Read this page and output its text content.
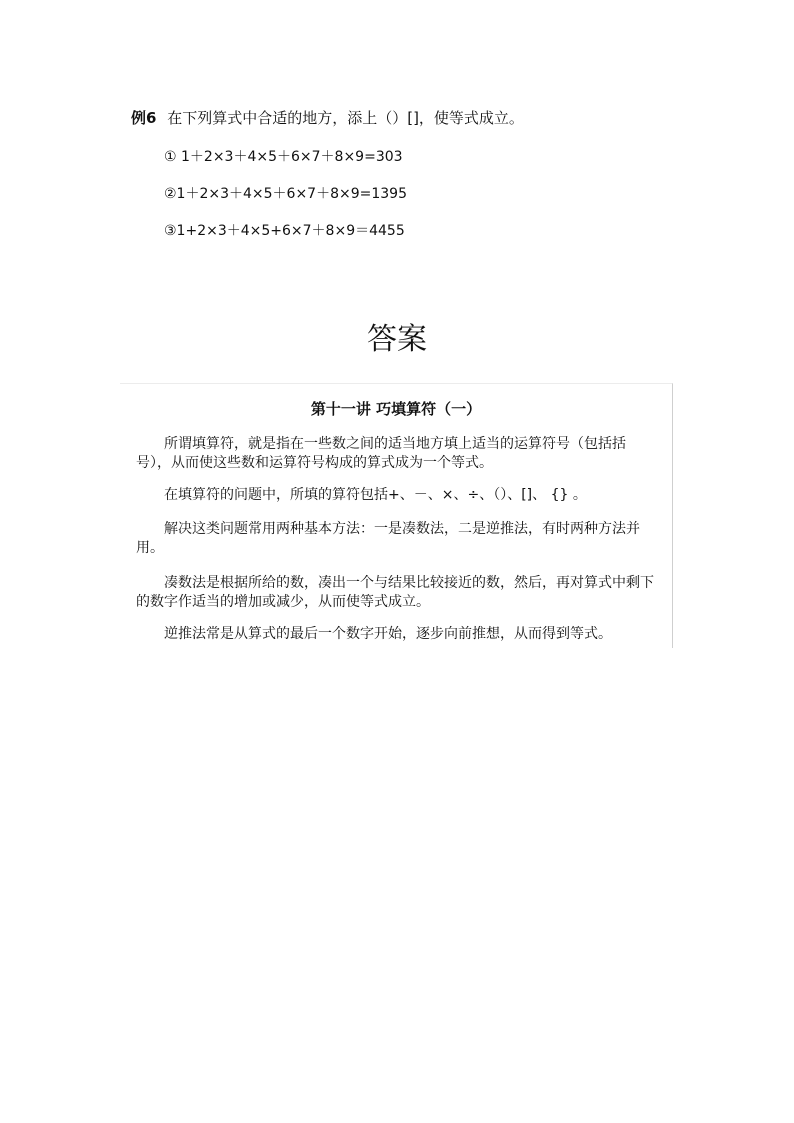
例6 在下列算式中合适的地方，添上（）[]，使等式成立。
① 1＋2×3＋4×5＋6×7＋8×9=303
②1＋2×3＋4×5＋6×7＋8×9=1395
③1+2×3＋4×5+6×7＋8×9＝4455
答案
第十一讲 巧填算符（一）

所谓填算符，就是指在一些数之间的适当地方填上适当的运算符号（包括括号），从而使这些数和运算符号构成的算式成为一个等式。

在填算符的问题中，所填的算符包括+、－、×、÷、（）、[]、 {} 。

解决这类问题常用两种基本方法：一是凑数法，二是逆推法，有时两种方法并用。

凑数法是根据所给的数，凑出一个与结果比较接近的数，然后，再对算式中剩下的数字作适当的增加或减少，从而使等式成立。

逆推法常是从算式的最后一个数字开始，逐步向前推想，从而得到等式。
